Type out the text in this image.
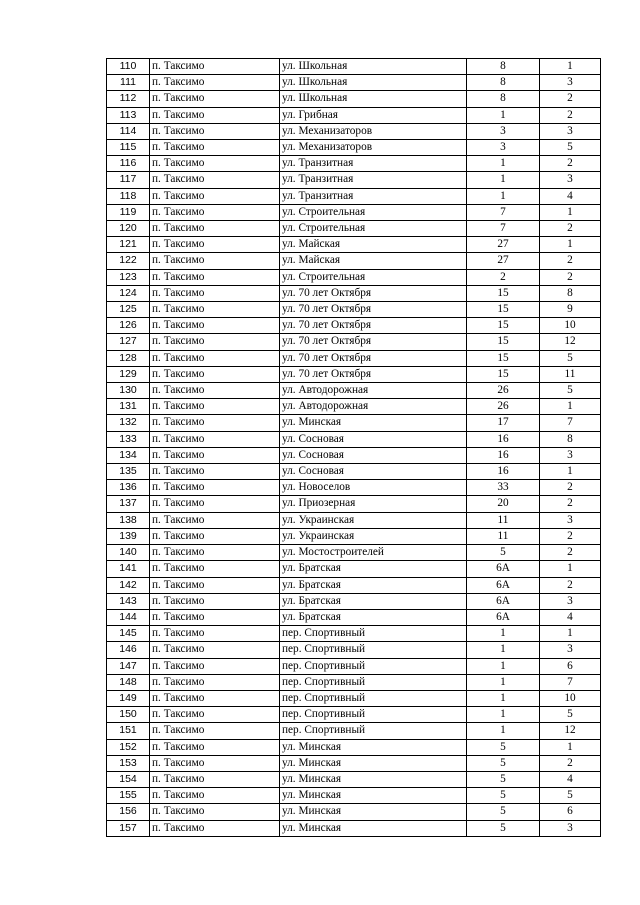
110	п. Таксимо	ул. Школьная	8	1
111	п. Таксимо	ул. Школьная	8	3
112	п. Таксимо	ул. Школьная	8	2
113	п. Таксимо	ул. Грибная	1	2
114	п. Таксимо	ул. Механизаторов	3	3
115	п. Таксимо	ул. Механизаторов	3	5
116	п. Таксимо	ул. Транзитная	1	2
117	п. Таксимо	ул. Транзитная	1	3
118	п. Таксимо	ул. Транзитная	1	4
119	п. Таксимо	ул. Строительная	7	1
120	п. Таксимо	ул. Строительная	7	2
121	п. Таксимо	ул. Майская	27	1
122	п. Таксимо	ул. Майская	27	2
123	п. Таксимо	ул. Строительная	2	2
124	п. Таксимо	ул. 70 лет Октября	15	8
125	п. Таксимо	ул. 70 лет Октября	15	9
126	п. Таксимо	ул. 70 лет Октября	15	10
127	п. Таксимо	ул. 70 лет Октября	15	12
128	п. Таксимо	ул. 70 лет Октября	15	5
129	п. Таксимо	ул. 70 лет Октября	15	11
130	п. Таксимо	ул. Автодорожная	26	5
131	п. Таксимо	ул. Автодорожная	26	1
132	п. Таксимо	ул. Минская	17	7
133	п. Таксимо	ул. Сосновая	16	8
134	п. Таксимо	ул. Сосновая	16	3
135	п. Таксимо	ул. Сосновая	16	1
136	п. Таксимо	ул. Новоселов	33	2
137	п. Таксимо	ул. Приозерная	20	2
138	п. Таксимо	ул. Украинская	11	3
139	п. Таксимо	ул. Украинская	11	2
140	п. Таксимо	ул. Мостостроителей	5	2
141	п. Таксимо	ул. Братская	6А	1
142	п. Таксимо	ул. Братская	6А	2
143	п. Таксимо	ул. Братская	6А	3
144	п. Таксимо	ул. Братская	6А	4
145	п. Таксимо	пер. Спортивный	1	1
146	п. Таксимо	пер. Спортивный	1	3
147	п. Таксимо	пер. Спортивный	1	6
148	п. Таксимо	пер. Спортивный	1	7
149	п. Таксимо	пер. Спортивный	1	10
150	п. Таксимо	пер. Спортивный	1	5
151	п. Таксимо	пер. Спортивный	1	12
152	п. Таксимо	ул. Минская	5	1
153	п. Таксимо	ул. Минская	5	2
154	п. Таксимо	ул. Минская	5	4
155	п. Таксимо	ул. Минская	5	5
156	п. Таксимо	ул. Минская	5	6
157	п. Таксимо	ул. Минская	5	3
